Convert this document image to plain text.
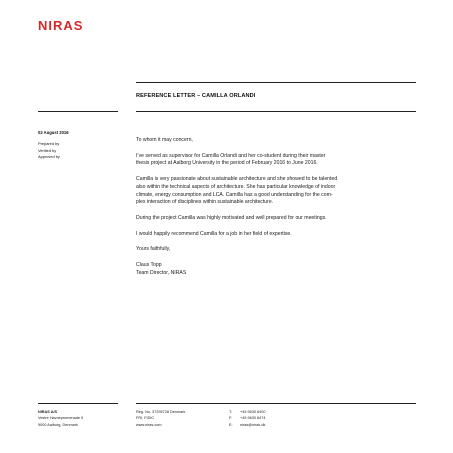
NIRAS
REFERENCE LETTER – CAMILLA ORLANDI
02 August 2016
Prepared by
Verified by
Approved by
To whom it may concern,
I’ve served as supervisor for Camilla Orlandi and her co-student during their master
thesis project at Aalborg University in the period of February 2016 to June 2016.
Camilla is very passionate about sustainable architecture and she showed to be talented
also within the technical aspects of architecture. She has particular knowledge of indoor
climate, energy consumption and LCA. Camilla has a good understanding for the com-
plex interaction of disciplines within sustainable architecture.
During the project Camilla was highly motivated and well prepared for our meetings.
I would happily recommend Camilla for a job in her field of expertise.
Yours faithfully,
Claus Topp
Team Director, NIRAS
NIRAS A/S
Vestre Havnepromenade 9
9000 Aalborg, Denmark
Reg. No. 37295728 Denmark
FRI, FIDIC
www.niras.com
T:
F:
E:
+45 9630 6400
+45 9630 6474
niras@niras.dk
